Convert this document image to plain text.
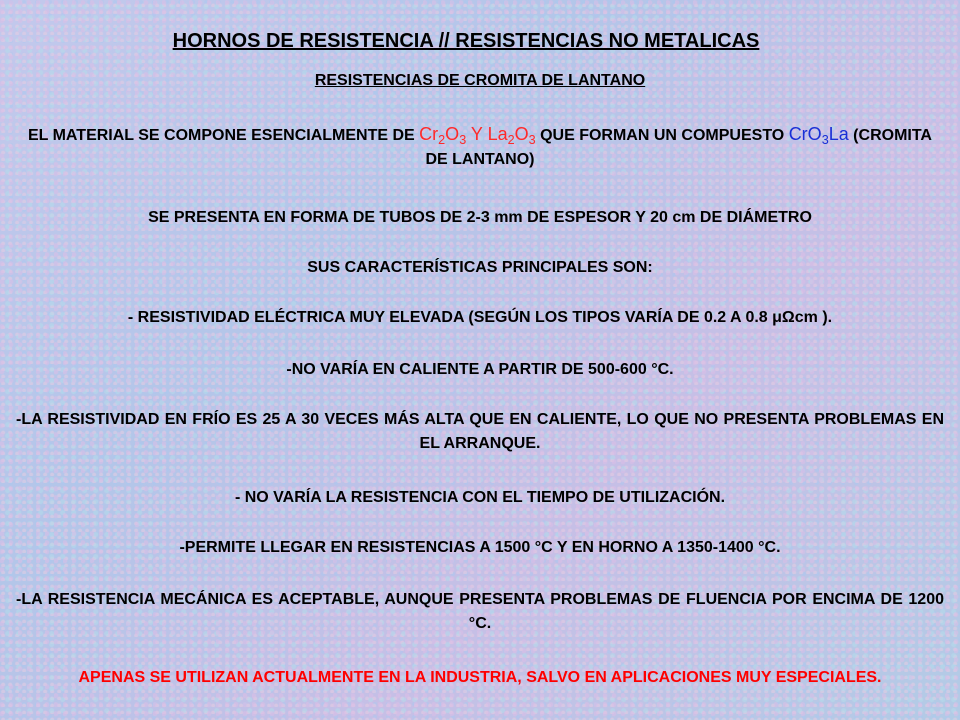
HORNOS DE RESISTENCIA // RESISTENCIAS NO METALICAS
RESISTENCIAS DE CROMITA DE LANTANO
EL MATERIAL SE COMPONE ESENCIALMENTE DE $Cr_2O_3$ Y $La_2O_3$ QUE FORMAN UN COMPUESTO CrO$_3$La (CROMITA DE LANTANO)
SE PRESENTA EN FORMA DE TUBOS DE 2-3 mm DE ESPESOR Y 20 cm DE DIÁMETRO
SUS CARACTERÍSTICAS PRINCIPALES SON:
- RESISTIVIDAD ELÉCTRICA MUY ELEVADA (SEGÚN LOS TIPOS VARÍA DE 0.2 A 0.8 μΩcm ).
-NO VARÍA EN CALIENTE A PARTIR DE 500-600 °C.
-LA RESISTIVIDAD EN FRÍO ES 25 A 30 VECES MÁS ALTA QUE EN CALIENTE, LO QUE NO PRESENTA PROBLEMAS EN EL ARRANQUE.
- NO VARÍA LA RESISTENCIA CON EL TIEMPO DE UTILIZACIÓN.
-PERMITE LLEGAR EN RESISTENCIAS A 1500 °C Y EN HORNO A 1350-1400 °C.
-LA RESISTENCIA MECÁNICA ES ACEPTABLE, AUNQUE PRESENTA PROBLEMAS DE FLUENCIA POR ENCIMA DE 1200 °C.
APENAS SE UTILIZAN ACTUALMENTE EN LA INDUSTRIA, SALVO EN APLICACIONES MUY ESPECIALES.
